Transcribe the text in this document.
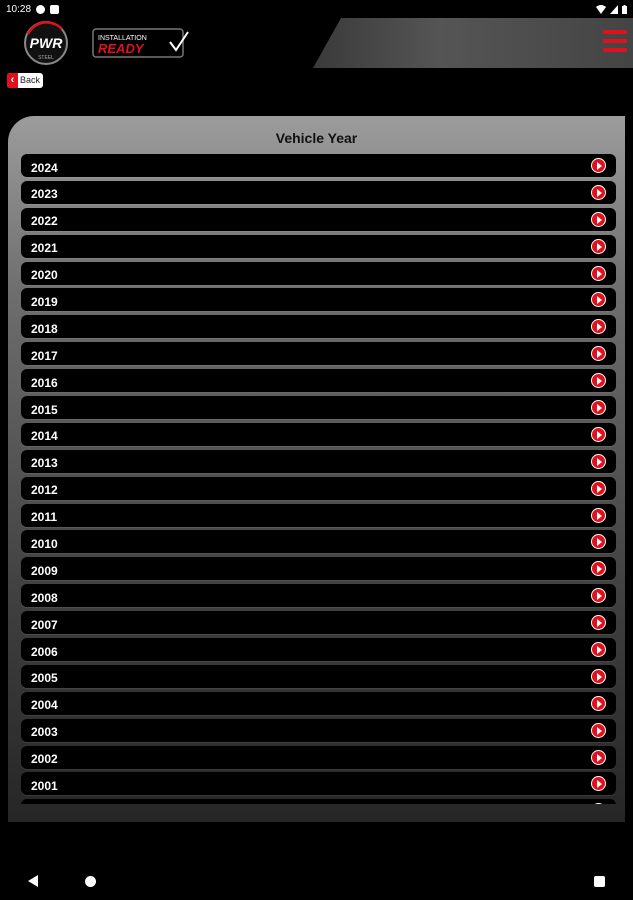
10:28
PWR
STEEL
INSTALLATION
READY
‹ Back
Vehicle Year
2024
2023
2022
2021
2020
2019
2018
2017
2016
2015
2014
2013
2012
2011
2010
2009
2008
2007
2006
2005
2004
2003
2002
2001
